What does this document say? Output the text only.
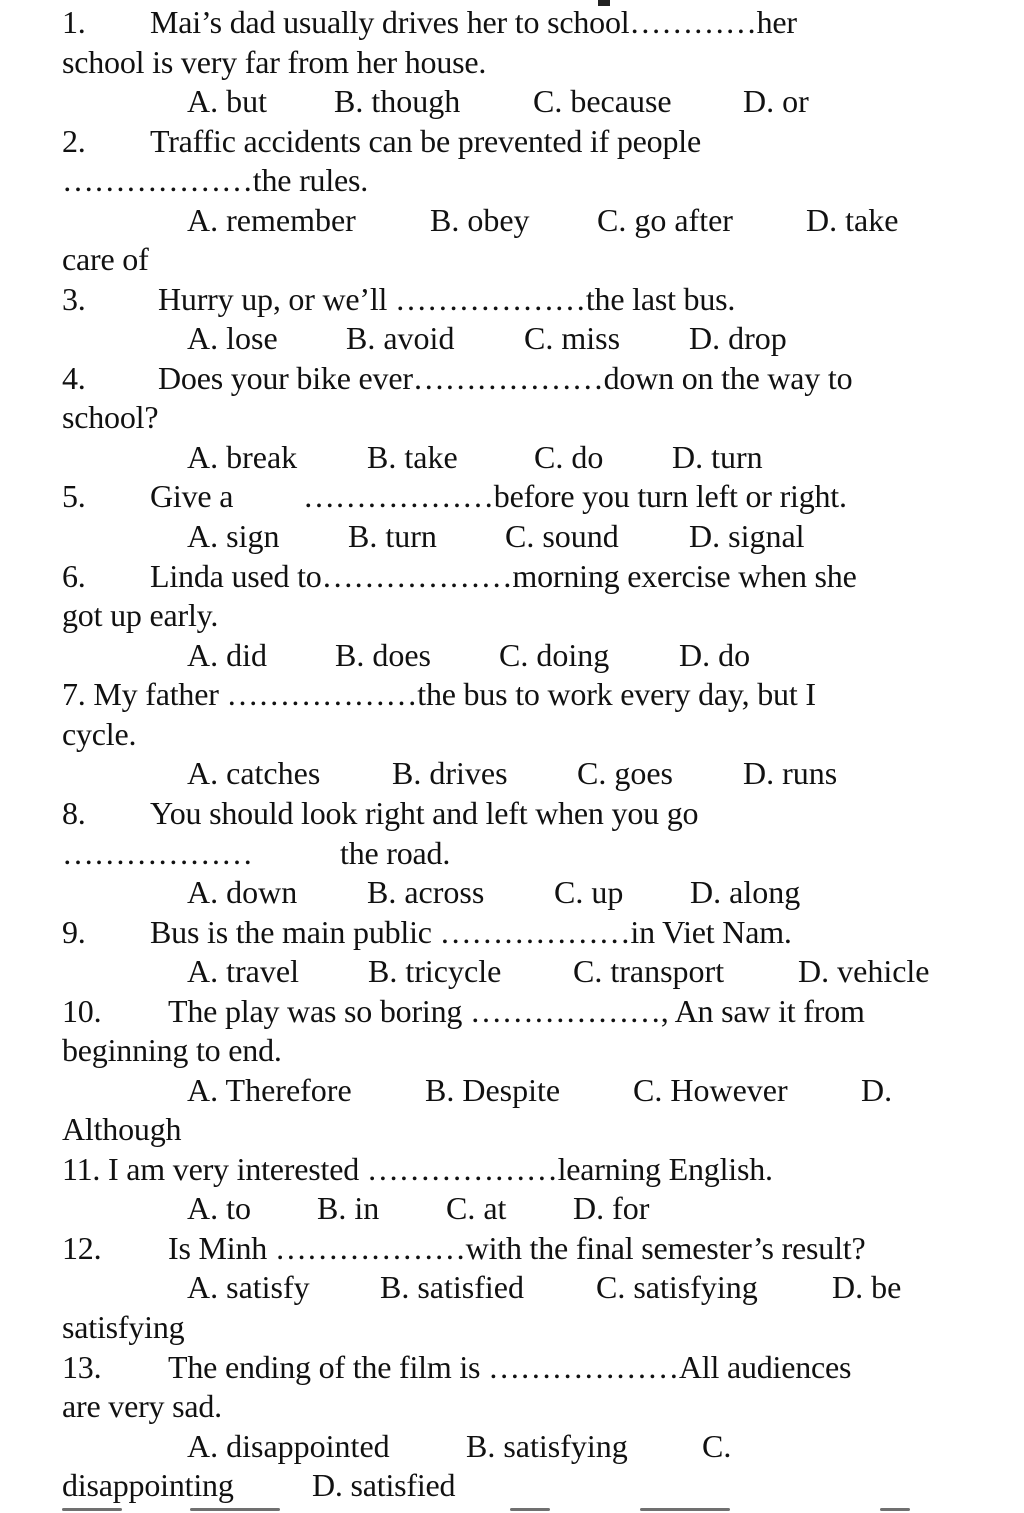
1. Mai’s dad usually drives her to school…………her
school is very far from her house.
A. but B. though C. because D. or
2. Traffic accidents can be prevented if people
………………the rules.
A. remember B. obey C. go after D. take
care of
3. Hurry up, or we’ll ………………the last bus.
A. lose B. avoid C. miss D. drop
4. Does your bike ever………………down on the way to
school?
A. break B. take C. do D. turn
5. Give a ………………before you turn left or right.
A. sign B. turn C. sound D. signal
6. Linda used to………………morning exercise when she
got up early.
A. did B. does C. doing D. do
7. My father ………………the bus to work every day, but I
cycle.
A. catches B. drives C. goes D. runs
8. You should look right and left when you go
………………	the road.
A. down B. across C. up D. along
9. Bus is the main public ………………in Viet Nam.
A. travel B. tricycle C. transport D. vehicle
10. The play was so boring ………………, An saw it from
beginning to end.
A. Therefore B. Despite C. However D.
Although
11. I am very interested ………………learning English.
A. to B. in C. at D. for
12. Is Minh ………………with the final semester’s result?
A. satisfy B. satisfied C. satisfying D. be
satisfying
13. The ending of the film is ………………All audiences
are very sad.
A. disappointed B. satisfying C.
disappointing D. satisfied
